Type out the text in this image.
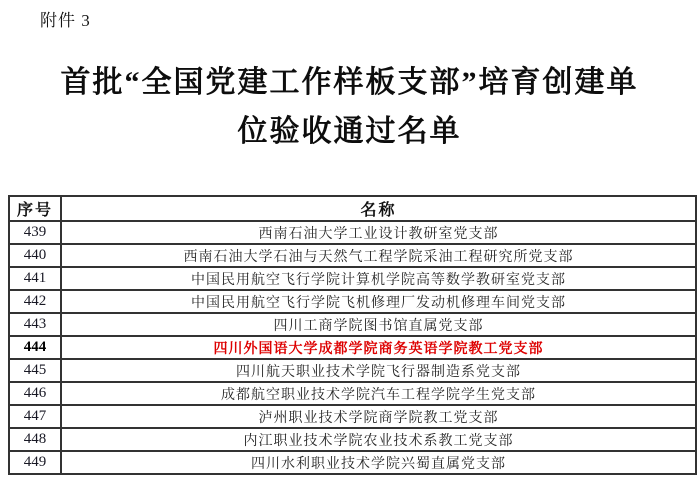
附件 3
首批“全国党建工作样板支部”培育创建单
位验收通过名单
序号	名称
439	西南石油大学工业设计教研室党支部
440	西南石油大学石油与天然气工程学院采油工程研究所党支部
441	中国民用航空飞行学院计算机学院高等数学教研室党支部
442	中国民用航空飞行学院飞机修理厂发动机修理车间党支部
443	四川工商学院图书馆直属党支部
444	四川外国语大学成都学院商务英语学院教工党支部
445	四川航天职业技术学院飞行器制造系党支部
446	成都航空职业技术学院汽车工程学院学生党支部
447	泸州职业技术学院商学院教工党支部
448	内江职业技术学院农业技术系教工党支部
449	四川水利职业技术学院兴蜀直属党支部
